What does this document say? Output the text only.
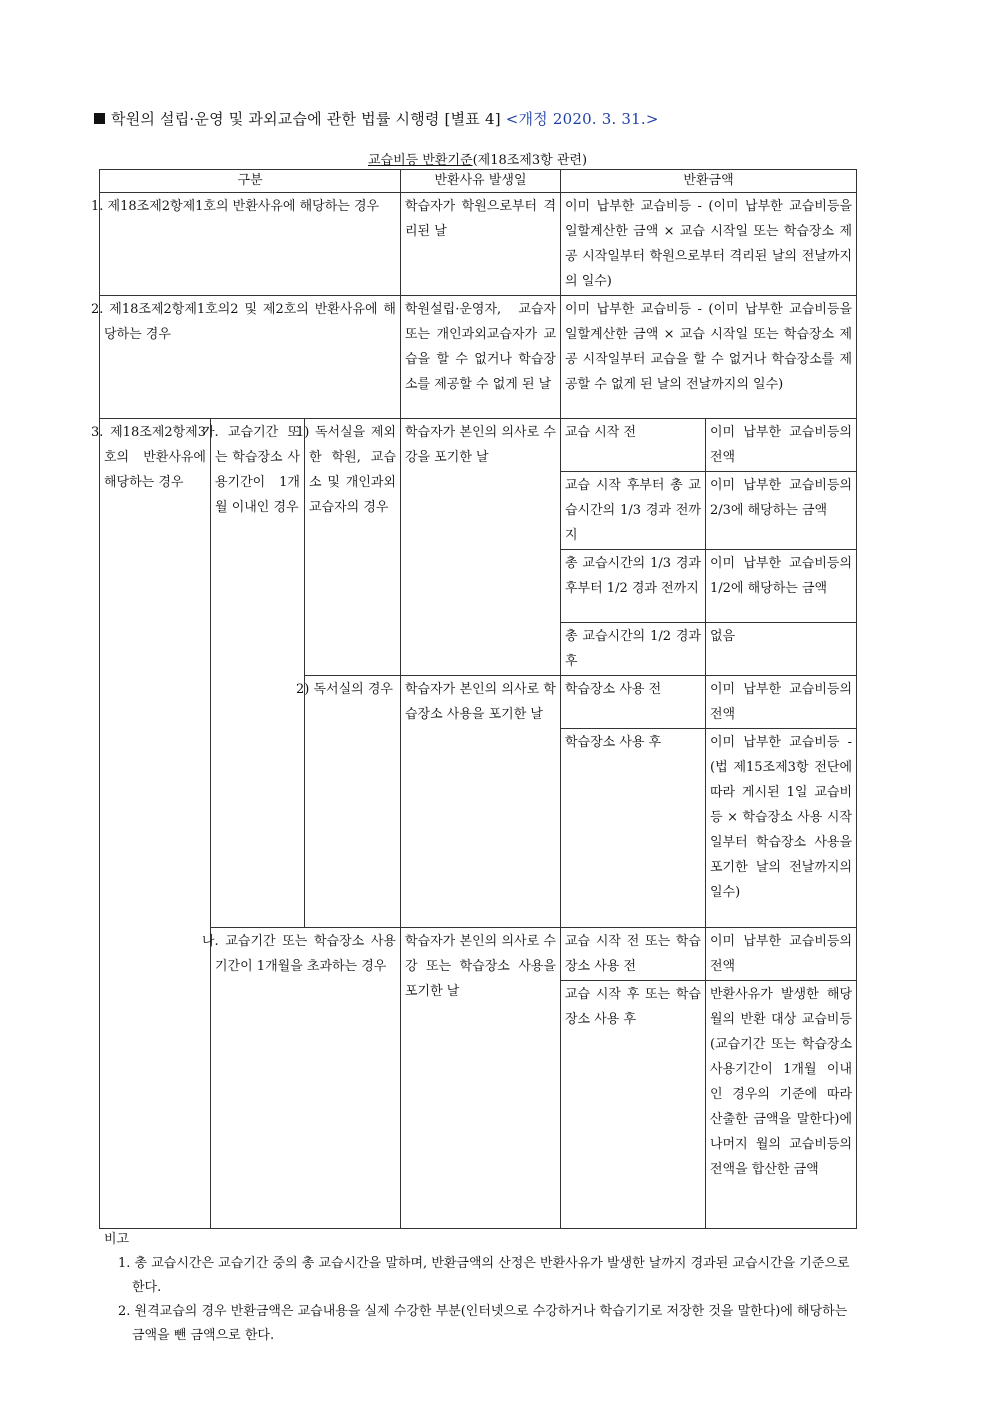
학원의 설립·운영 및 과외교습에 관한 법률 시행령 [별표 4] <개정 2020. 3. 31.>
교습비등 반환기준(제18조제3항 관련)
구분			반환사유 발생일	반환금액	
1. 제18조제2항제1호의 반환사유에 해당하는 경우			학습자가 학원으로부터 격리된 날	이미 납부한 교습비등 - (이미 납부한 교습비등을 일할계산한 금액 × 교습 시작일 또는 학습장소 제공 시작일부터 학원으로부터 격리된 날의 전날까지의 일수)	
2. 제18조제2항제1호의2 및 제2호의 반환사유에 해당하는 경우			학원설립·운영자, 교습자 또는 개인과외교습자가 교습을 할 수 없거나 학습장소를 제공할 수 없게 된 날	이미 납부한 교습비등 - (이미 납부한 교습비등을 일할계산한 금액 × 교습 시작일 또는 학습장소 제공 시작일부터 교습을 할 수 없거나 학습장소를 제공할 수 없게 된 날의 전날까지의 일수)	
3. 제18조제2항제3호의 반환사유에 해당하는 경우	가. 교습기간 또는 학습장소 사용기간이 1개월 이내인 경우	1) 독서실을 제외한 학원, 교습소 및 개인과외교습자의 경우	학습자가 본인의 의사로 수강을 포기한 날	교습 시작 전	이미 납부한 교습비등의 전액
				교습 시작 후부터 총 교습시간의 1/3 경과 전까지	이미 납부한 교습비등의 2/3에 해당하는 금액
				총 교습시간의 1/3 경과 후부터 1/2 경과 전까지	이미 납부한 교습비등의 1/2에 해당하는 금액
				총 교습시간의 1/2 경과 후	없음
		2) 독서실의 경우	학습자가 본인의 의사로 학습장소 사용을 포기한 날	학습장소 사용 전	이미 납부한 교습비등의 전액
				학습장소 사용 후	이미 납부한 교습비등 - (법 제15조제3항 전단에 따라 게시된 1일 교습비등 × 학습장소 사용 시작일부터 학습장소 사용을 포기한 날의 전날까지의 일수)
	나. 교습기간 또는 학습장소 사용기간이 1개월을 초과하는 경우		학습자가 본인의 의사로 수강 또는 학습장소 사용을 포기한 날	교습 시작 전 또는 학습장소 사용 전	이미 납부한 교습비등의 전액
				교습 시작 후 또는 학습장소 사용 후	반환사유가 발생한 해당 월의 반환 대상 교습비등(교습기간 또는 학습장소 사용기간이 1개월 이내인 경우의 기준에 따라 산출한 금액을 말한다)에 나머지 월의 교습비등의 전액을 합산한 금액
비고
1. 총 교습시간은 교습기간 중의 총 교습시간을 말하며, 반환금액의 산정은 반환사유가 발생한 날까지 경과된 교습시간을 기준으로 한다.
2. 원격교습의 경우 반환금액은 교습내용을 실제 수강한 부분(인터넷으로 수강하거나 학습기기로 저장한 것을 말한다)에 해당하는 금액을 뺀 금액으로 한다.
